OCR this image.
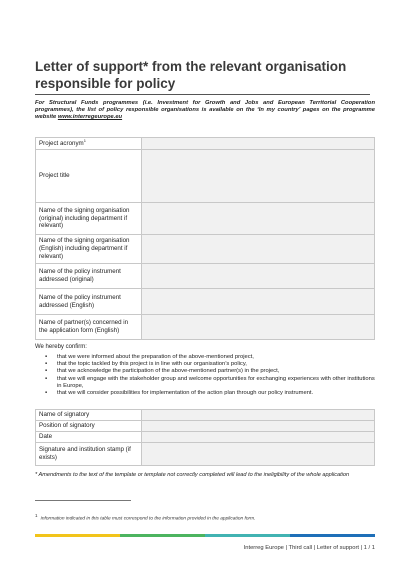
Letter of support* from the relevant organisation responsible for policy
For Structural Funds programmes (i.e. Investment for Growth and Jobs and European Territorial Cooperation programmes), the list of policy responsible organisations is available on the ‘In my country’ pages on the programme website www.interregeurope.eu
Project acronym$^1$	
Project title	
Name of the signing organisation (original) including department if relevant)	
Name of the signing organisation (English) including department if relevant)	
Name of the policy instrument addressed (original)	
Name of the policy instrument addressed (English)	
Name of partner(s) concerned in the application form (English)	
We hereby confirm:
▪ that we were informed about the preparation of the above-mentioned project,
▪ that the topic tackled by this project is in line with our organisation’s policy,
▪ that we acknowledge the participation of the above-mentioned partner(s) in the project,
▪ that we will engage with the stakeholder group and welcome opportunities for exchanging experiences with other institutions in Europe,
▪ that we will consider possibilities for implementation of the action plan through our policy instrument.
Name of signatory	
Position of signatory	
Date	
Signature and institution stamp (if exists)	
* Amendments to the text of the template or template not correctly completed will lead to the ineligibility of the whole application
$^1$Information indicated in this table must correspond to the information provided in the application form.
Interreg Europe | Third call | Letter of support | 1 / 1
